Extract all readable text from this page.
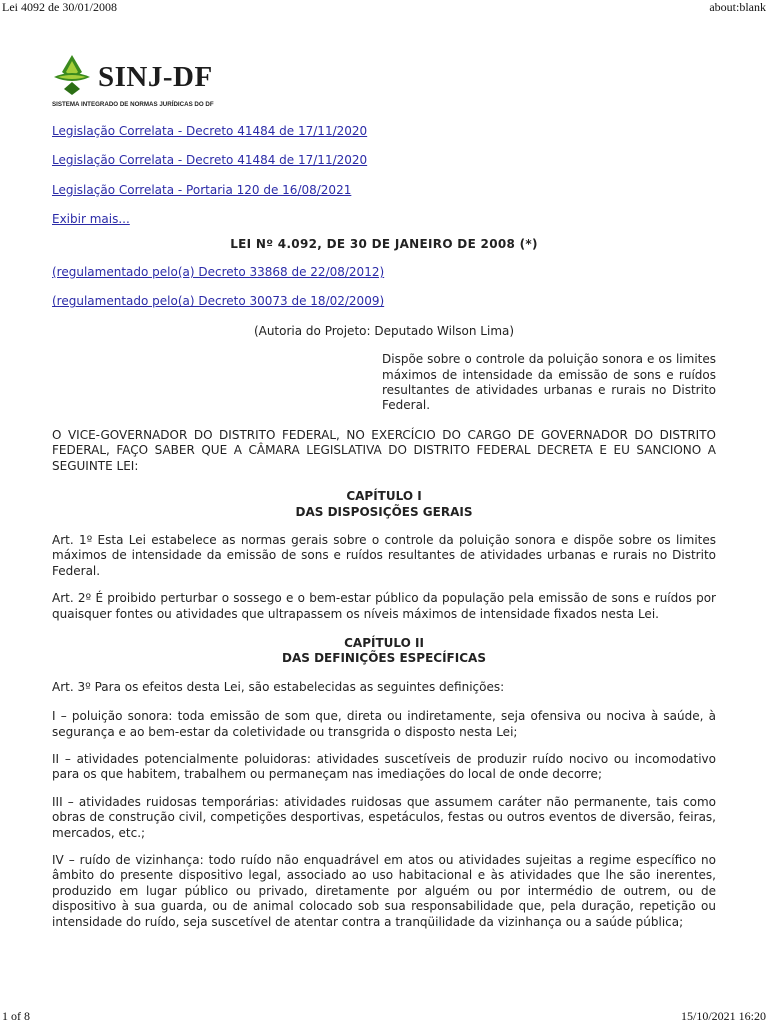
Lei 4092 de 30/01/2008	about:blank
SINJ-DF
SISTEMA INTEGRADO DE NORMAS JURÍDICAS DO DF

Legislação Correlata - Decreto 41484 de 17/11/2020

Legislação Correlata - Decreto 41484 de 17/11/2020

Legislação Correlata - Portaria 120 de 16/08/2021

Exibir mais...

LEI Nº 4.092, DE 30 DE JANEIRO DE 2008 (*)

(regulamentado pelo(a) Decreto 33868 de 22/08/2012)

(regulamentado pelo(a) Decreto 30073 de 18/02/2009)

(Autoria do Projeto: Deputado Wilson Lima)

Dispõe sobre o controle da poluição sonora e os limites máximos de intensidade da emissão de sons e ruídos resultantes de atividades urbanas e rurais no Distrito Federal.

O VICE-GOVERNADOR DO DISTRITO FEDERAL, NO EXERCÍCIO DO CARGO DE GOVERNADOR DO DISTRITO FEDERAL, FAÇO SABER QUE A CÂMARA LEGISLATIVA DO DISTRITO FEDERAL DECRETA E EU SANCIONO A SEGUINTE LEI:

CAPÍTULO I

DAS DISPOSIÇÕES GERAIS

Art. 1º Esta Lei estabelece as normas gerais sobre o controle da poluição sonora e dispõe sobre os limites máximos de intensidade da emissão de sons e ruídos resultantes de atividades urbanas e rurais no Distrito Federal.

Art. 2º É proibido perturbar o sossego e o bem-estar público da população pela emissão de sons e ruídos por quaisquer fontes ou atividades que ultrapassem os níveis máximos de intensidade fixados nesta Lei.

CAPÍTULO II

DAS DEFINIÇÕES ESPECÍFICAS

Art. 3º Para os efeitos desta Lei, são estabelecidas as seguintes definições:

I – poluição sonora: toda emissão de som que, direta ou indiretamente, seja ofensiva ou nociva à saúde, à segurança e ao bem-estar da coletividade ou transgrida o disposto nesta Lei;

II – atividades potencialmente poluidoras: atividades suscetíveis de produzir ruído nocivo ou incomodativo para os que habitem, trabalhem ou permaneçam nas imediações do local de onde decorre;

III – atividades ruidosas temporárias: atividades ruidosas que assumem caráter não permanente, tais como obras de construção civil, competições desportivas, espetáculos, festas ou outros eventos de diversão, feiras, mercados, etc.;

IV – ruído de vizinhança: todo ruído não enquadrável em atos ou atividades sujeitas a regime específico no âmbito do presente dispositivo legal, associado ao uso habitacional e às atividades que lhe são inerentes, produzido em lugar público ou privado, diretamente por alguém ou por intermédio de outrem, ou de dispositivo à sua guarda, ou de animal colocado sob sua responsabilidade que, pela duração, repetição ou intensidade do ruído, seja suscetível de atentar contra a tranqüilidade da vizinhança ou a saúde pública;

1 of 8	15/10/2021 16:20
